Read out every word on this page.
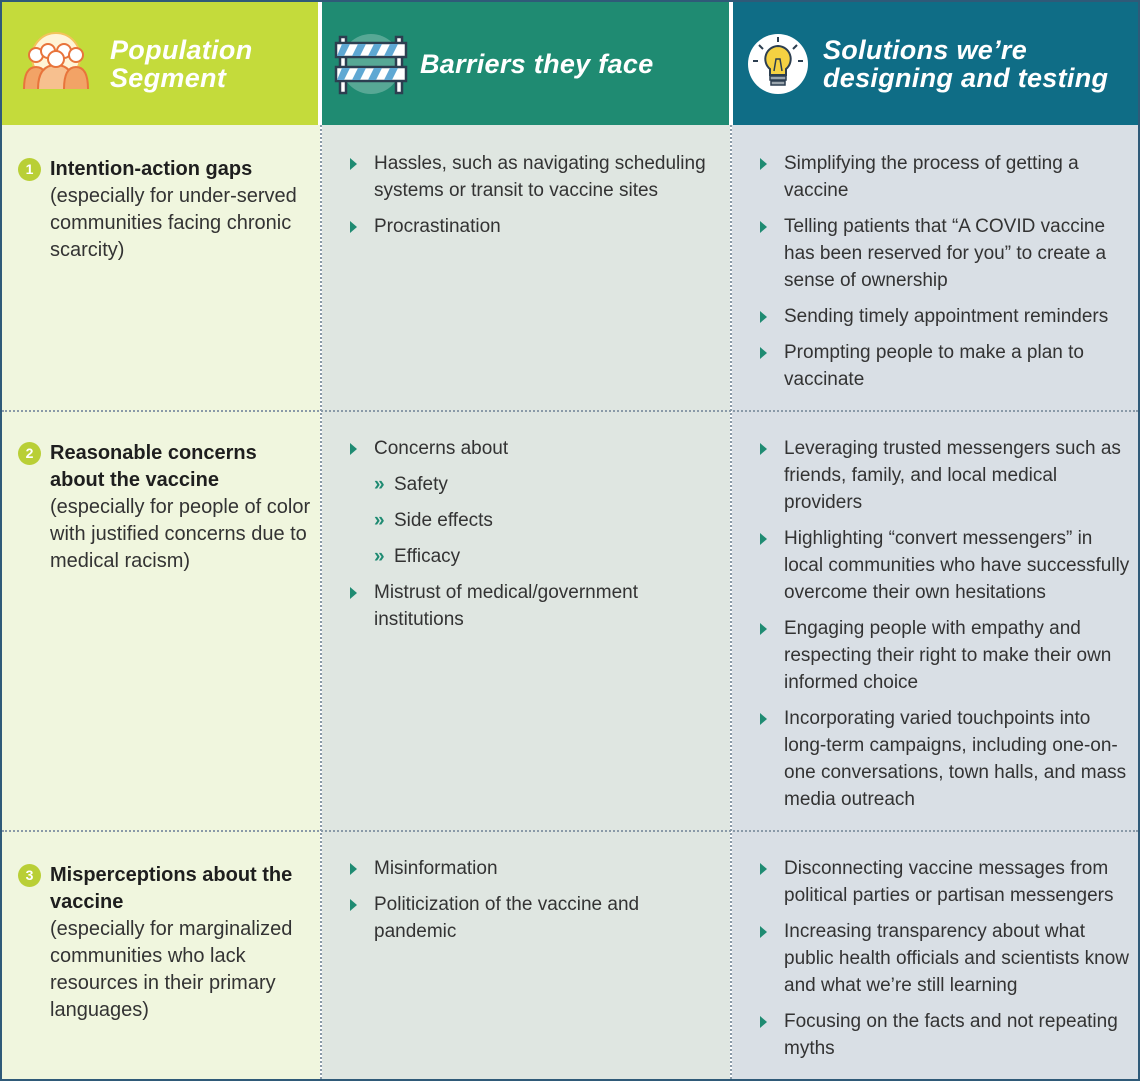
Population
Segment	Barriers they face	Solutions we’re
designing and testing
1 Intention-action gaps
(especially for under-served communities facing chronic scarcity)
Hassles, such as navigating scheduling systems or transit to vaccine sites
Procrastination
Simplifying the process of getting a vaccine
Telling patients that “A COVID vaccine has been reserved for you” to create a sense of ownership
Sending timely appointment reminders
Prompting people to make a plan to vaccinate
2 Reasonable concerns about the vaccine
(especially for people of color with justified concerns due to medical racism)
Concerns about
» Safety
» Side effects
» Efficacy
Mistrust of medical/government institutions
Leveraging trusted messengers such as friends, family, and local medical providers
Highlighting “convert messengers” in local communities who have successfully overcome their own hesitations
Engaging people with empathy and respecting their right to make their own informed choice
Incorporating varied touchpoints into long-term campaigns, including one-on-one conversations, town halls, and mass media outreach
3 Misperceptions about the vaccine
(especially for marginalized communities who lack resources in their primary languages)
Misinformation
Politicization of the vaccine and pandemic
Disconnecting vaccine messages from political parties or partisan messengers
Increasing transparency about what public health officials and scientists know and what we’re still learning
Focusing on the facts and not repeating myths
